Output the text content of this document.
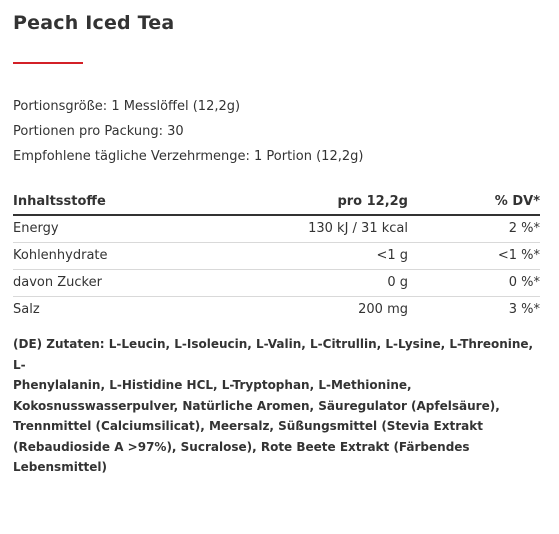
Peach Iced Tea
Portionsgröße: 1 Messlöffel (12,2g)
Portionen pro Packung: 30
Empfohlene tägliche Verzehrmenge: 1 Portion (12,2g)
Inhaltsstoffe	pro 12,2g	% DV*
Energy	130 kJ / 31 kcal	2 %*
Kohlenhydrate	<1 g	<1 %*
davon Zucker	0 g	0 %*
Salz	200 mg	3 %*
(DE) Zutaten: L-Leucin, L-Isoleucin, L-Valin, L-Citrullin, L-Lysine, L-Threonine, L-
Phenylalanin, L-Histidine HCL, L-Tryptophan, L-Methionine,
Kokosnusswasserpulver, Natürliche Aromen, Säuregulator (Apfelsäure),
Trennmittel (Calciumsilicat), Meersalz, Süßungsmittel (Stevia Extrakt
(Rebaudioside A >97%), Sucralose), Rote Beete Extrakt (Färbendes
Lebensmittel)
